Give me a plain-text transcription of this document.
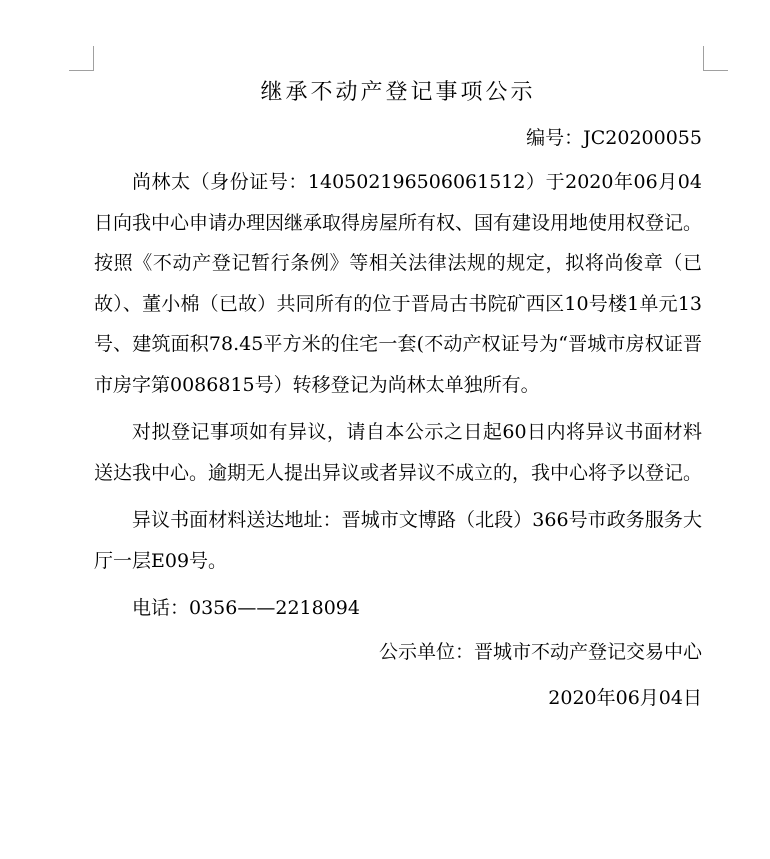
继承不动产登记事项公示
编号：JC20200055

尚林太（身份证号：140502196506061512）于2020年06月04日向我中心申请办理因继承取得房屋所有权、国有建设用地使用权登记。按照《不动产登记暂行条例》等相关法律法规的规定，拟将尚俊章（已故）、董小棉（已故）共同所有的位于晋局古书院矿西区10号楼1单元13号、建筑面积78.45平方米的住宅一套(不动产权证号为“晋城市房权证晋市房字第0086815号）转移登记为尚林太单独所有。

对拟登记事项如有异议，请自本公示之日起60日内将异议书面材料送达我中心。逾期无人提出异议或者异议不成立的，我中心将予以登记。

异议书面材料送达地址：晋城市文博路（北段）366号市政务服务大厅一层E09号。

电话：0356——2218094
公示单位：晋城市不动产登记交易中心
2020年06月04日
